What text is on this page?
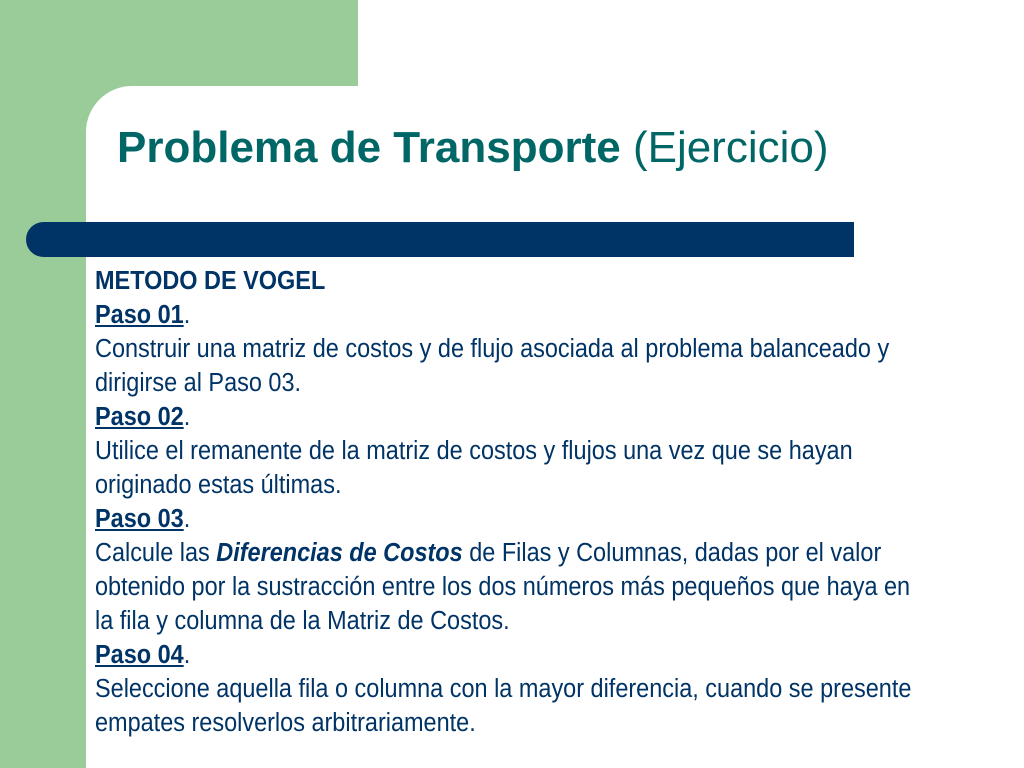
Problema de Transporte (Ejercicio)

METODO DE VOGEL

Paso 01.

Construir una matriz de costos y de flujo asociada al problema balanceado y dirigirse al Paso 03.

Paso 02.

Utilice el remanente de la matriz de costos y flujos una vez que se hayan originado estas últimas.

Paso 03.

Calcule las Diferencias de Costos de Filas y Columnas, dadas por el valor obtenido por la sustracción entre los dos números más pequeños que haya en la fila y columna de la Matriz de Costos.

Paso 04.

Seleccione aquella fila o columna con la mayor diferencia, cuando se presente empates resolverlos arbitrariamente.
